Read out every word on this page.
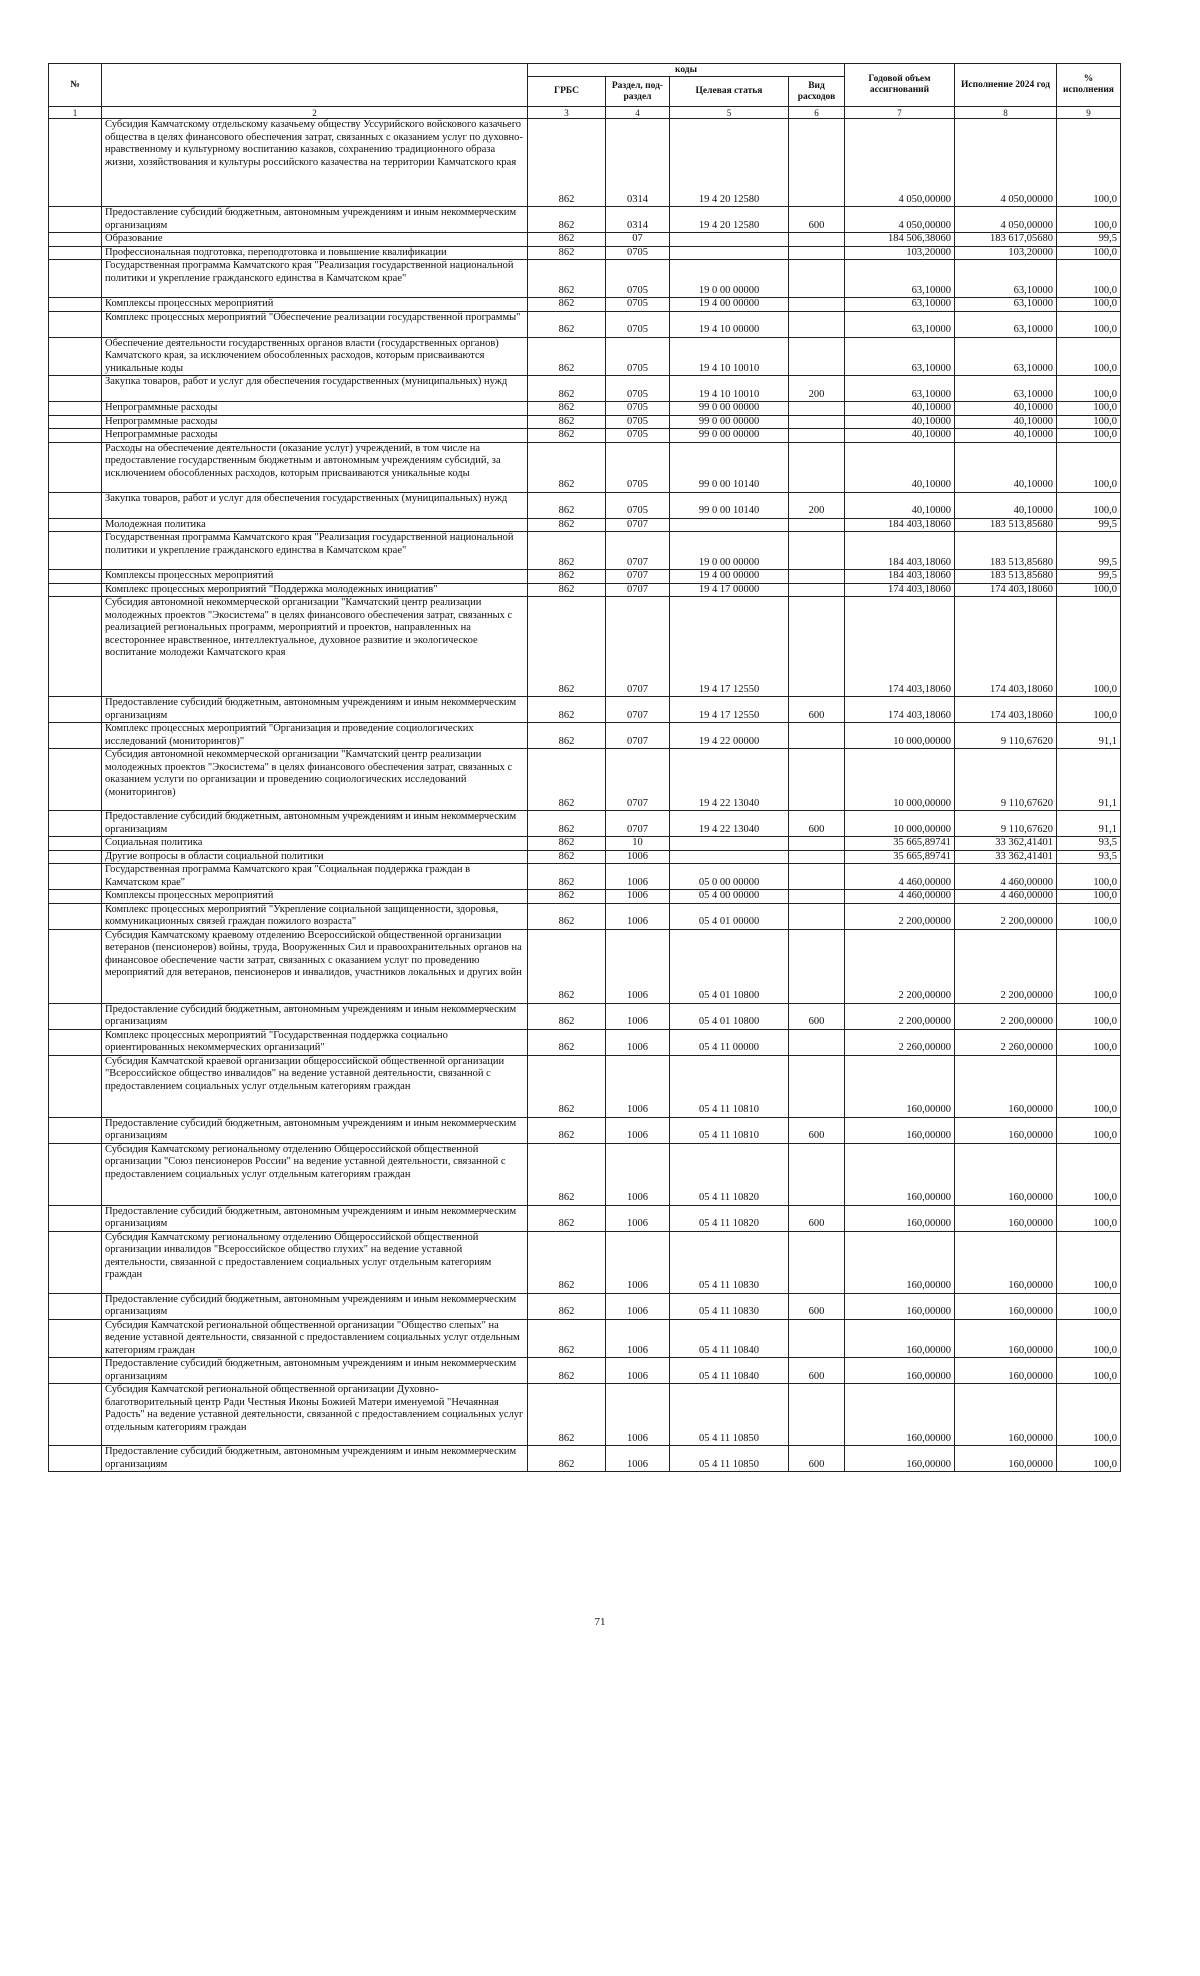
№		коды				Годовой объем ассигнований	Исполнение 2024 год	% исполнения
		ГРБС	Раздел, под-раздел	Целевая статья	Вид расходов			
1	2	3	4	5	6	7	8	9
	Субсидия Камчатскому отдельскому казачьему обществу Уссурийского войскового казачьего общества в целях финансового обеспечения затрат, связанных с оказанием услуг по духовно-нравственному и культурному воспитанию казаков, сохранению традиционного образа жизни, хозяйствования и культуры российского казачества на территории Камчатского края	862	0314	19 4 20 12580		4 050,00000	4 050,00000	100,0
	Предоставление субсидий бюджетным, автономным учреждениям и иным некоммерческим организациям	862	0314	19 4 20 12580	600	4 050,00000	4 050,00000	100,0
	Образование	862	07			184 506,38060	183 617,05680	99,5
	Профессиональная подготовка, переподготовка и повышение квалификации	862	0705			103,20000	103,20000	100,0
	Государственная программа Камчатского края "Реализация государственной национальной политики и укрепление гражданского единства в Камчатском крае"	862	0705	19 0 00 00000		63,10000	63,10000	100,0
	Комплексы процессных мероприятий	862	0705	19 4 00 00000		63,10000	63,10000	100,0
	Комплекс процессных мероприятий "Обеспечение реализации государственной программы"	862	0705	19 4 10 00000		63,10000	63,10000	100,0
	Обеспечение деятельности государственных органов власти (государственных органов) Камчатского края, за исключением обособленных расходов, которым присваиваются уникальные коды	862	0705	19 4 10 10010		63,10000	63,10000	100,0
	Закупка товаров, работ и услуг для обеспечения государственных (муниципальных) нужд	862	0705	19 4 10 10010	200	63,10000	63,10000	100,0
	Непрограммные расходы	862	0705	99 0 00 00000		40,10000	40,10000	100,0
	Непрограммные расходы	862	0705	99 0 00 00000		40,10000	40,10000	100,0
	Непрограммные расходы	862	0705	99 0 00 00000		40,10000	40,10000	100,0
	Расходы на обеспечение деятельности (оказание услуг) учреждений, в том числе на предоставление государственным бюджетным и автономным учреждениям субсидий, за исключением обособленных расходов, которым присваиваются уникальные коды	862	0705	99 0 00 10140		40,10000	40,10000	100,0
	Закупка товаров, работ и услуг для обеспечения государственных (муниципальных) нужд	862	0705	99 0 00 10140	200	40,10000	40,10000	100,0
	Молодежная политика	862	0707			184 403,18060	183 513,85680	99,5
	Государственная программа Камчатского края "Реализация государственной национальной политики и укрепление гражданского единства в Камчатском крае"	862	0707	19 0 00 00000		184 403,18060	183 513,85680	99,5
	Комплексы процессных мероприятий	862	0707	19 4 00 00000		184 403,18060	183 513,85680	99,5
	Комплекс процессных мероприятий "Поддержка молодежных инициатив"	862	0707	19 4 17 00000		174 403,18060	174 403,18060	100,0
	Субсидия автономной некоммерческой организации "Камчатский центр реализации молодежных проектов "Экосистема" в целях финансового обеспечения затрат, связанных с реализацией региональных программ, мероприятий и проектов, направленных на всестороннее нравственное, интеллектуальное, духовное развитие и экологическое воспитание молодежи Камчатского края	862	0707	19 4 17 12550		174 403,18060	174 403,18060	100,0
	Предоставление субсидий бюджетным, автономным учреждениям и иным некоммерческим организациям	862	0707	19 4 17 12550	600	174 403,18060	174 403,18060	100,0
	Комплекс процессных мероприятий "Организация и проведение социологических исследований (мониторингов)"	862	0707	19 4 22 00000		10 000,00000	9 110,67620	91,1
	Субсидия автономной некоммерческой организации "Камчатский центр реализации молодежных проектов "Экосистема" в целях финансового обеспечения затрат, связанных с оказанием услуги по организации и проведению социологических исследований (мониторингов)	862	0707	19 4 22 13040		10 000,00000	9 110,67620	91,1
	Предоставление субсидий бюджетным, автономным учреждениям и иным некоммерческим организациям	862	0707	19 4 22 13040	600	10 000,00000	9 110,67620	91,1
	Социальная политика	862	10			35 665,89741	33 362,41401	93,5
	Другие вопросы в области социальной политики	862	1006			35 665,89741	33 362,41401	93,5
	Государственная программа Камчатского края "Социальная поддержка граждан в Камчатском крае"	862	1006	05 0 00 00000		4 460,00000	4 460,00000	100,0
	Комплексы процессных мероприятий	862	1006	05 4 00 00000		4 460,00000	4 460,00000	100,0
	Комплекс процессных мероприятий "Укрепление социальной защищенности, здоровья, коммуникационных связей граждан пожилого возраста"	862	1006	05 4 01 00000		2 200,00000	2 200,00000	100,0
	Субсидия Камчатскому краевому отделению Всероссийской общественной организации ветеранов (пенсионеров) войны, труда, Вооруженных Сил и правоохранительных органов на финансовое обеспечение части затрат, связанных с оказанием услуг по проведению мероприятий для ветеранов, пенсионеров и инвалидов, участников локальных и других войн	862	1006	05 4 01 10800		2 200,00000	2 200,00000	100,0
	Предоставление субсидий бюджетным, автономным учреждениям и иным некоммерческим организациям	862	1006	05 4 01 10800	600	2 200,00000	2 200,00000	100,0
	Комплекс процессных мероприятий "Государственная поддержка социально ориентированных некоммерческих организаций"	862	1006	05 4 11 00000		2 260,00000	2 260,00000	100,0
	Субсидия Камчатской краевой организации общероссийской общественной организации "Всероссийское общество инвалидов" на ведение уставной деятельности, связанной с предоставлением социальных услуг отдельным категориям граждан	862	1006	05 4 11 10810		160,00000	160,00000	100,0
	Предоставление субсидий бюджетным, автономным учреждениям и иным некоммерческим организациям	862	1006	05 4 11 10810	600	160,00000	160,00000	100,0
	Субсидия Камчатскому региональному отделению Общероссийской общественной организации "Союз пенсионеров России" на ведение уставной деятельности, связанной с предоставлением социальных услуг отдельным категориям граждан	862	1006	05 4 11 10820		160,00000	160,00000	100,0
	Предоставление субсидий бюджетным, автономным учреждениям и иным некоммерческим организациям	862	1006	05 4 11 10820	600	160,00000	160,00000	100,0
	Субсидия Камчатскому региональному отделению Общероссийской общественной организации инвалидов "Всероссийское общество глухих" на ведение уставной деятельности, связанной с предоставлением социальных услуг отдельным категориям граждан	862	1006	05 4 11 10830		160,00000	160,00000	100,0
	Предоставление субсидий бюджетным, автономным учреждениям и иным некоммерческим организациям	862	1006	05 4 11 10830	600	160,00000	160,00000	100,0
	Субсидия Камчатской региональной общественной организации "Общество слепых" на ведение уставной деятельности, связанной с предоставлением социальных услуг отдельным категориям граждан	862	1006	05 4 11 10840		160,00000	160,00000	100,0
	Предоставление субсидий бюджетным, автономным учреждениям и иным некоммерческим организациям	862	1006	05 4 11 10840	600	160,00000	160,00000	100,0
	Субсидия Камчатской региональной общественной организации Духовно-благотворительный центр Ради Честныя Иконы Божией Матери именуемой "Нечаянная Радость" на ведение уставной деятельности, связанной с предоставлением социальных услуг отдельным категориям граждан	862	1006	05 4 11 10850		160,00000	160,00000	100,0
	Предоставление субсидий бюджетным, автономным учреждениям и иным некоммерческим организациям	862	1006	05 4 11 10850	600	160,00000	160,00000	100,0
71
